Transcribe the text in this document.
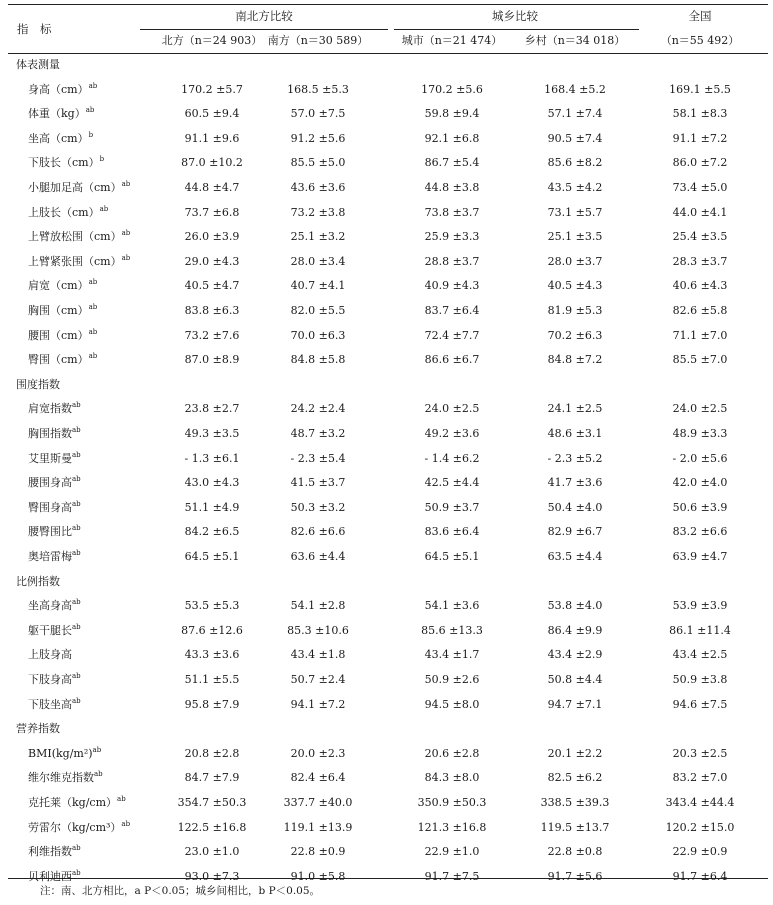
指　标
南北方比较	城乡比较	全国
（n＝55 492）
北方（n＝24 903） 南方（n＝30 589）	城市（n＝21 474） 乡村（n＝34 018）
体表测量
身高（cm）$^{ab}$	170.2 ±5.7	168.5 ±5.3	170.2 ±5.6	168.4 ±5.2	169.1 ±5.5
体重（kg）$^{ab}$	60.5 ±9.4	57.0 ±7.5	59.8 ±9.4	57.1 ±7.4	58.1 ±8.3
坐高（cm）$^b$	91.1 ±9.6	91.2 ±5.6	92.1 ±6.8	90.5 ±7.4	91.1 ±7.2
下肢长（cm）$^b$	87.0 ±10.2	85.5 ±5.0	86.7 ±5.4	85.6 ±8.2	86.0 ±7.2
小腿加足高（cm）$^{ab}$	44.8 ±4.7	43.6 ±3.6	44.8 ±3.8	43.5 ±4.2	73.4 ±5.0
上肢长（cm）$^{ab}$	73.7 ±6.8	73.2 ±3.8	73.8 ±3.7	73.1 ±5.7	44.0 ±4.1
上臂放松围（cm）$^{ab}$	26.0 ±3.9	25.1 ±3.2	25.9 ±3.3	25.1 ±3.5	25.4 ±3.5
上臂紧张围（cm）$^{ab}$	29.0 ±4.3	28.0 ±3.4	28.8 ±3.7	28.0 ±3.7	28.3 ±3.7
肩宽（cm）$^{ab}$	40.5 ±4.7	40.7 ±4.1	40.9 ±4.3	40.5 ±4.3	40.6 ±4.3
胸围（cm）$^{ab}$	83.8 ±6.3	82.0 ±5.5	83.7 ±6.4	81.9 ±5.3	82.6 ±5.8
腰围（cm）$^{ab}$	73.2 ±7.6	70.0 ±6.3	72.4 ±7.7	70.2 ±6.3	71.1 ±7.0
臀围（cm）$^{ab}$	87.0 ±8.9	84.8 ±5.8	86.6 ±6.7	84.8 ±7.2	85.5 ±7.0
围度指数
肩宽指数$^{ab}$	23.8 ±2.7	24.2 ±2.4	24.0 ±2.5	24.1 ±2.5	24.0 ±2.5
胸围指数$^{ab}$	49.3 ±3.5	48.7 ±3.2	49.2 ±3.6	48.6 ±3.1	48.9 ±3.3
艾里斯曼$^{ab}$	- 1.3 ±6.1	- 2.3 ±5.4	- 1.4 ±6.2	- 2.3 ±5.2	- 2.0 ±5.6
腰围身高$^{ab}$	43.0 ±4.3	41.5 ±3.7	42.5 ±4.4	41.7 ±3.6	42.0 ±4.0
臀围身高$^{ab}$	51.1 ±4.9	50.3 ±3.2	50.9 ±3.7	50.4 ±4.0	50.6 ±3.9
腰臀围比$^{ab}$	84.2 ±6.5	82.6 ±6.6	83.6 ±6.4	82.9 ±6.7	83.2 ±6.6
奥培雷梅$^{ab}$	64.5 ±5.1	63.6 ±4.4	64.5 ±5.1	63.5 ±4.4	63.9 ±4.7
比例指数
坐高身高$^{ab}$	53.5 ±5.3	54.1 ±2.8	54.1 ±3.6	53.8 ±4.0	53.9 ±3.9
躯干腿长$^{ab}$	87.6 ±12.6	85.3 ±10.6	85.6 ±13.3	86.4 ±9.9	86.1 ±11.4
上肢身高	43.3 ±3.6	43.4 ±1.8	43.4 ±1.7	43.4 ±2.9	43.4 ±2.5
下肢身高$^{ab}$	51.1 ±5.5	50.7 ±2.4	50.9 ±2.6	50.8 ±4.4	50.9 ±3.8
下肢坐高$^{ab}$	95.8 ±7.9	94.1 ±7.2	94.5 ±8.0	94.7 ±7.1	94.6 ±7.5
营养指数
$BMI(kg/m^2)^{ab}$	20.8 ±2.8	20.0 ±2.3	20.6 ±2.8	20.1 ±2.2	20.3 ±2.5
维尔维克指数$^{ab}$	84.7 ±7.9	82.4 ±6.4	84.3 ±8.0	82.5 ±6.2	83.2 ±7.0
克托莱$(kg/cm)^{ab}$	354.7 ±50.3	337.7 ±40.0	350.9 ±50.3	338.5 ±39.3	343.4 ±44.4
劳雷尔$(kg/cm^3)^{ab}$	122.5 ±16.8	119.1 ±13.9	121.3 ±16.8	119.5 ±13.7	120.2 ±15.0
利维指数$^{ab}$	23.0 ±1.0	22.8 ±0.9	22.9 ±1.0	22.8 ±0.8	22.9 ±0.9
贝利迪西$^{ab}$	93.0 ±7.3	91.0 ±5.8	91.7 ±7.5	91.7 ±5.6	91.7 ±6.4
注：南、北方相比，a P＜0.05；城乡间相比，b P＜0.05。
